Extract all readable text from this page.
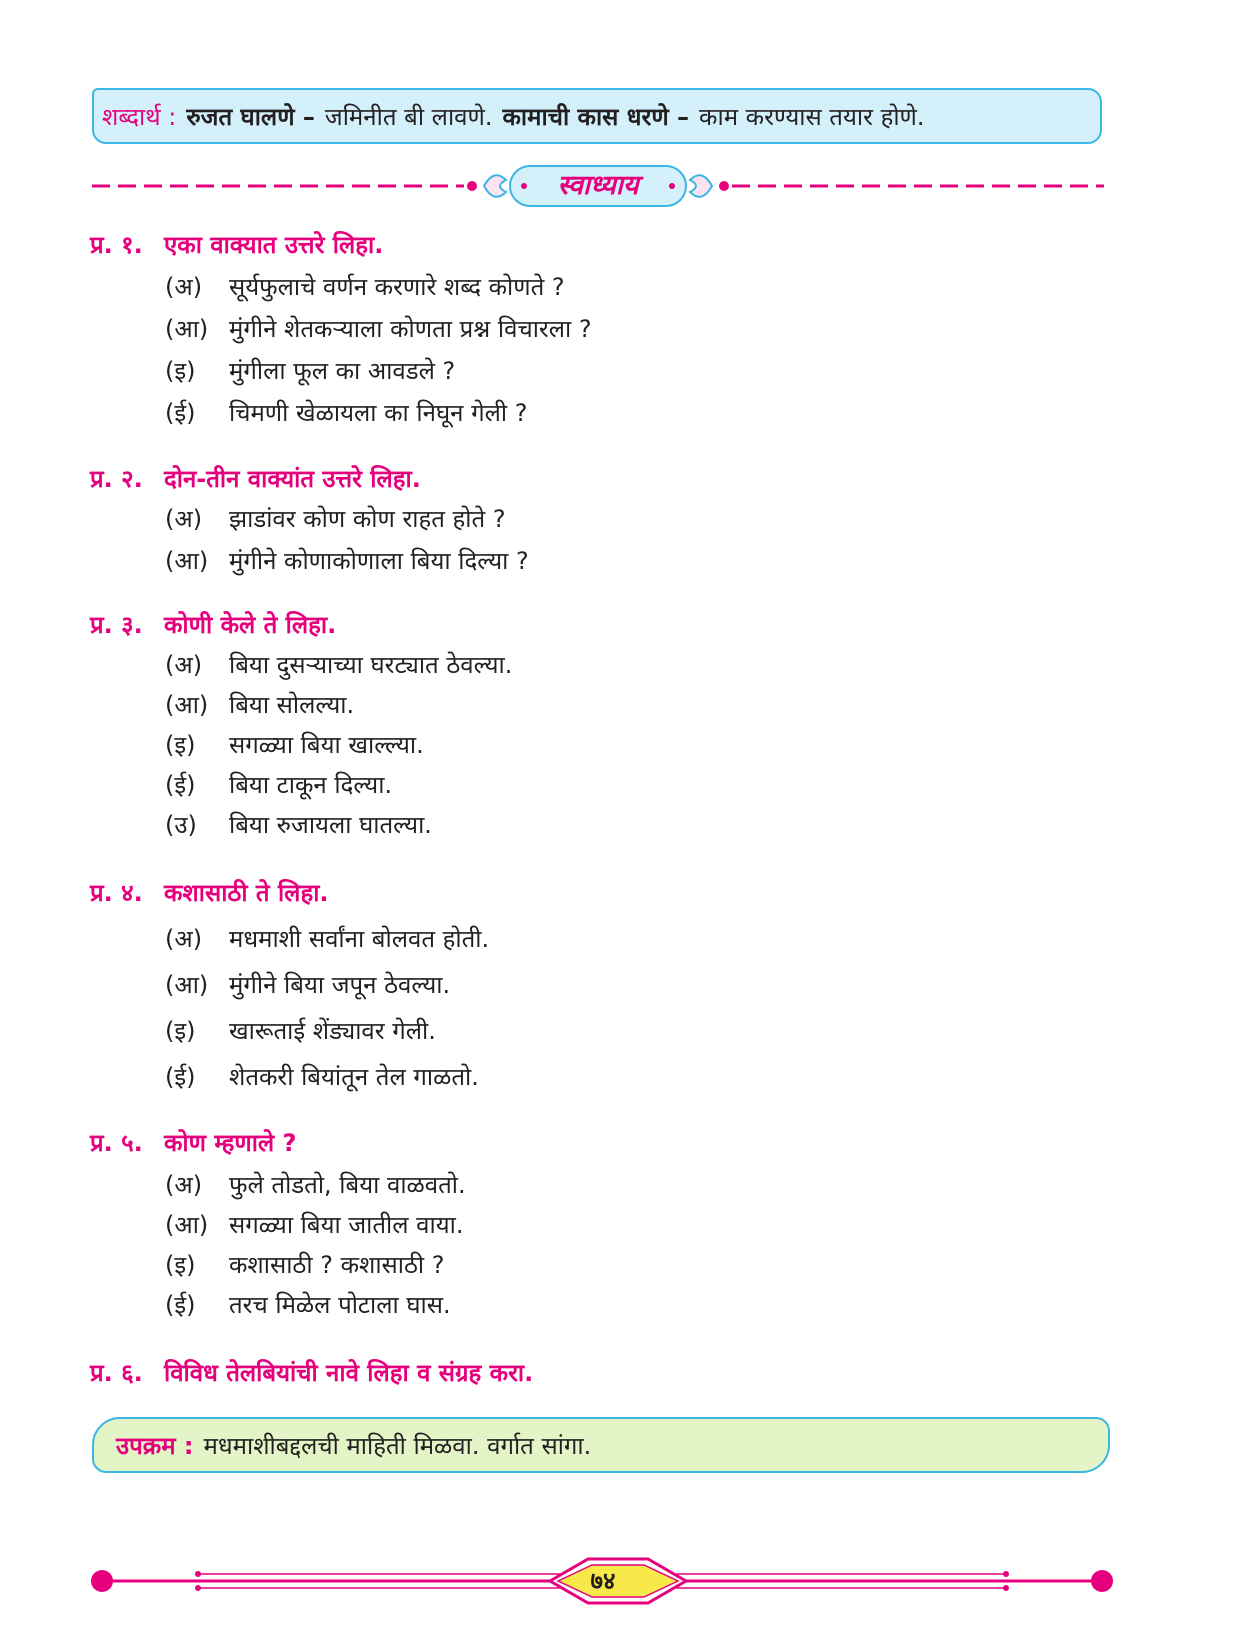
शब्दार्थ : रुजत घालणे – जमिनीत बी लावणे. कामाची कास धरणे – काम करण्यास तयार होणे.
स्वाध्याय
प्र. १. एका वाक्यात उत्तरे लिहा.
(अ) सूर्यफुलाचे वर्णन करणारे शब्द कोणते ?
(आ) मुंगीने शेतकऱ्याला कोणता प्रश्न विचारला ?
(इ) मुंगीला फूल का आवडले ?
(ई) चिमणी खेळायला का निघून गेली ?
प्र. २. दोन-तीन वाक्यांत उत्तरे लिहा.
(अ) झाडांवर कोण कोण राहत होते ?
(आ) मुंगीने कोणाकोणाला बिया दिल्या ?
प्र. ३. कोणी केले ते लिहा.
(अ) बिया दुसऱ्याच्या घरट्यात ठेवल्या.
(आ) बिया सोलल्या.
(इ) सगळ्या बिया खाल्ल्या.
(ई) बिया टाकून दिल्या.
(उ) बिया रुजायला घातल्या.
प्र. ४. कशासाठी ते लिहा.
(अ) मधमाशी सर्वांना बोलवत होती.
(आ) मुंगीने बिया जपून ठेवल्या.
(इ) खारूताई शेंड्यावर गेली.
(ई) शेतकरी बियांतून तेल गाळतो.
प्र. ५. कोण म्हणाले ?
(अ) फुले तोडतो, बिया वाळवतो.
(आ) सगळ्या बिया जातील वाया.
(इ) कशासाठी ? कशासाठी ?
(ई) तरच मिळेल पोटाला घास.
प्र. ६. विविध तेलबियांची नावे लिहा व संग्रह करा.
उपक्रम : मधमाशीबद्दलची माहिती मिळवा. वर्गात सांगा.
७४
